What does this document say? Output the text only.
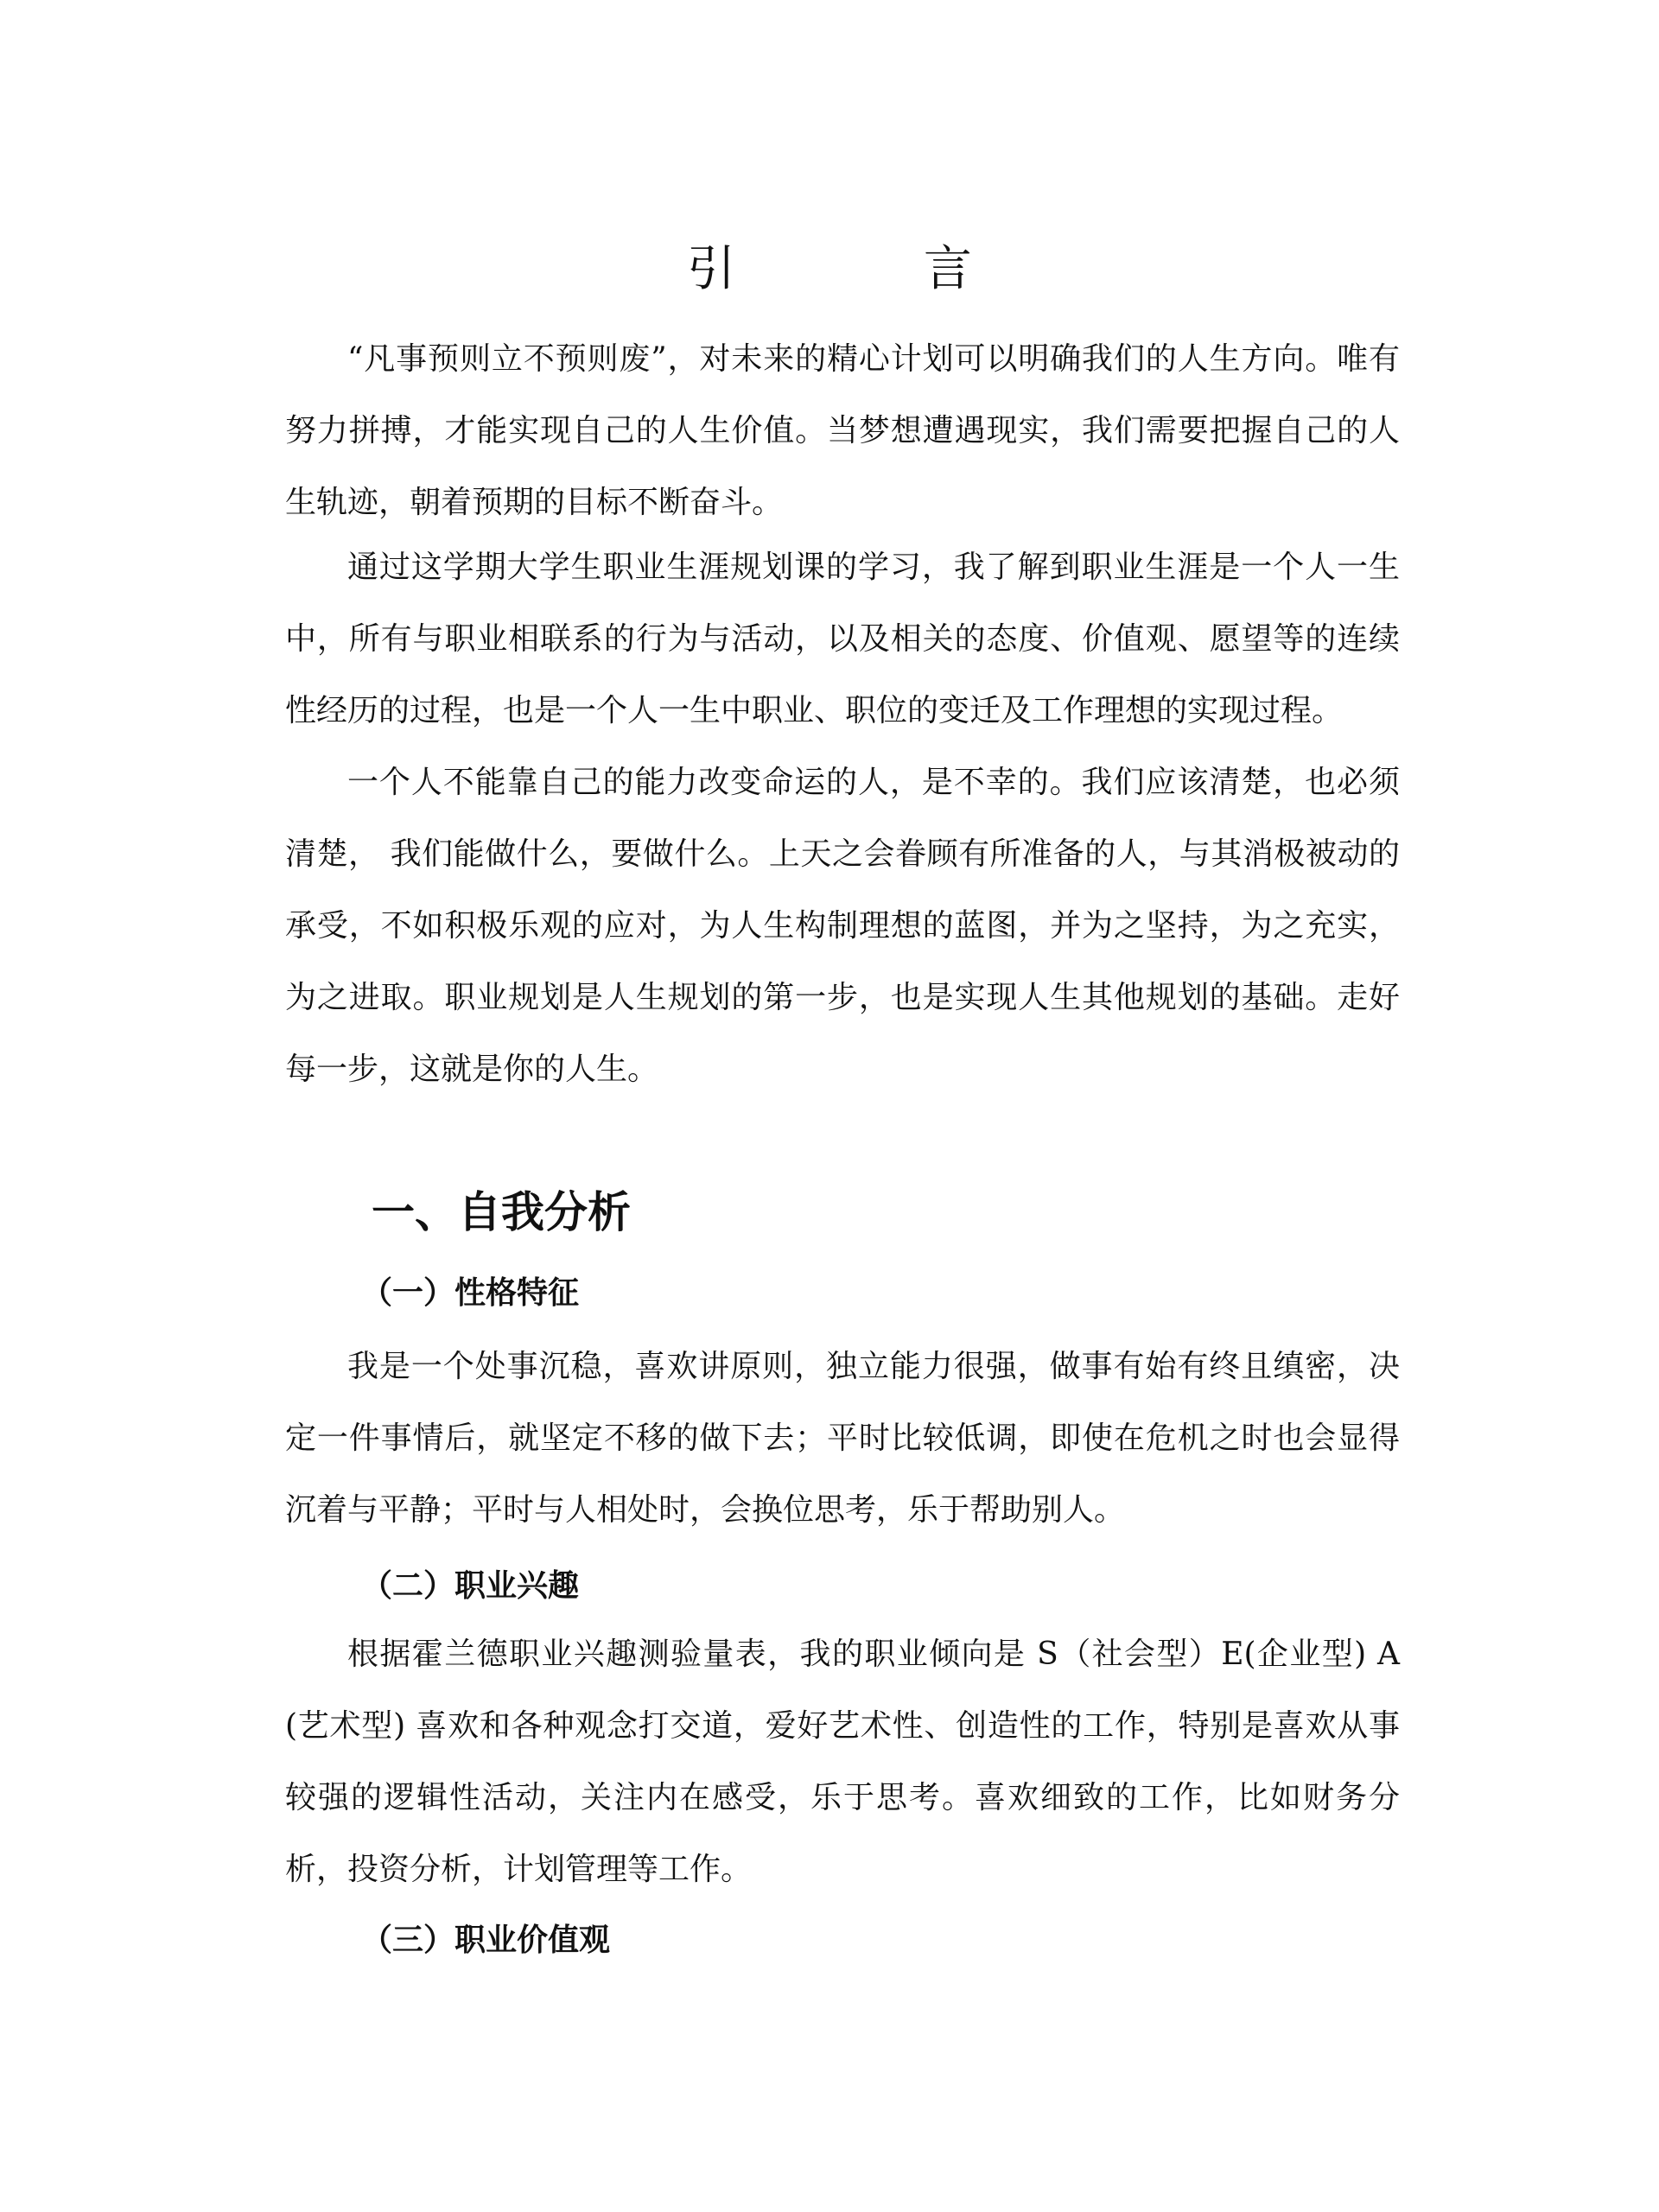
引 言

“凡事预则立不预则废”，对未来的精心计划可以明确我们的人生方向。唯有努力拼搏，才能实现自己的人生价值。当梦想遭遇现实，我们需要把握自己的人生轨迹，朝着预期的目标不断奋斗。

通过这学期大学生职业生涯规划课的学习，我了解到职业生涯是一个人一生中，所有与职业相联系的行为与活动，以及相关的态度、价值观、愿望等的连续性经历的过程，也是一个人一生中职业、职位的变迁及工作理想的实现过程。

一个人不能靠自己的能力改变命运的人，是不幸的。我们应该清楚，也必须清楚， 我们能做什么，要做什么。上天之会眷顾有所准备的人，与其消极被动的承受，不如积极乐观的应对，为人生构制理想的蓝图，并为之坚持，为之充实，为之进取。职业规划是人生规划的第一步，也是实现人生其他规划的基础。走好每一步，这就是你的人生。

一、自我分析
（一）性格特征

我是一个处事沉稳，喜欢讲原则，独立能力很强，做事有始有终且缜密，决定一件事情后，就坚定不移的做下去；平时比较低调，即使在危机之时也会显得沉着与平静；平时与人相处时，会换位思考，乐于帮助别人。

（二）职业兴趣

根据霍兰德职业兴趣测验量表，我的职业倾向是 S（社会型）E(企业型) A(艺术型) 喜欢和各种观念打交道，爱好艺术性、创造性的工作，特别是喜欢从事较强的逻辑性活动，关注内在感受，乐于思考。喜欢细致的工作，比如财务分析，投资分析，计划管理等工作。

（三）职业价值观
